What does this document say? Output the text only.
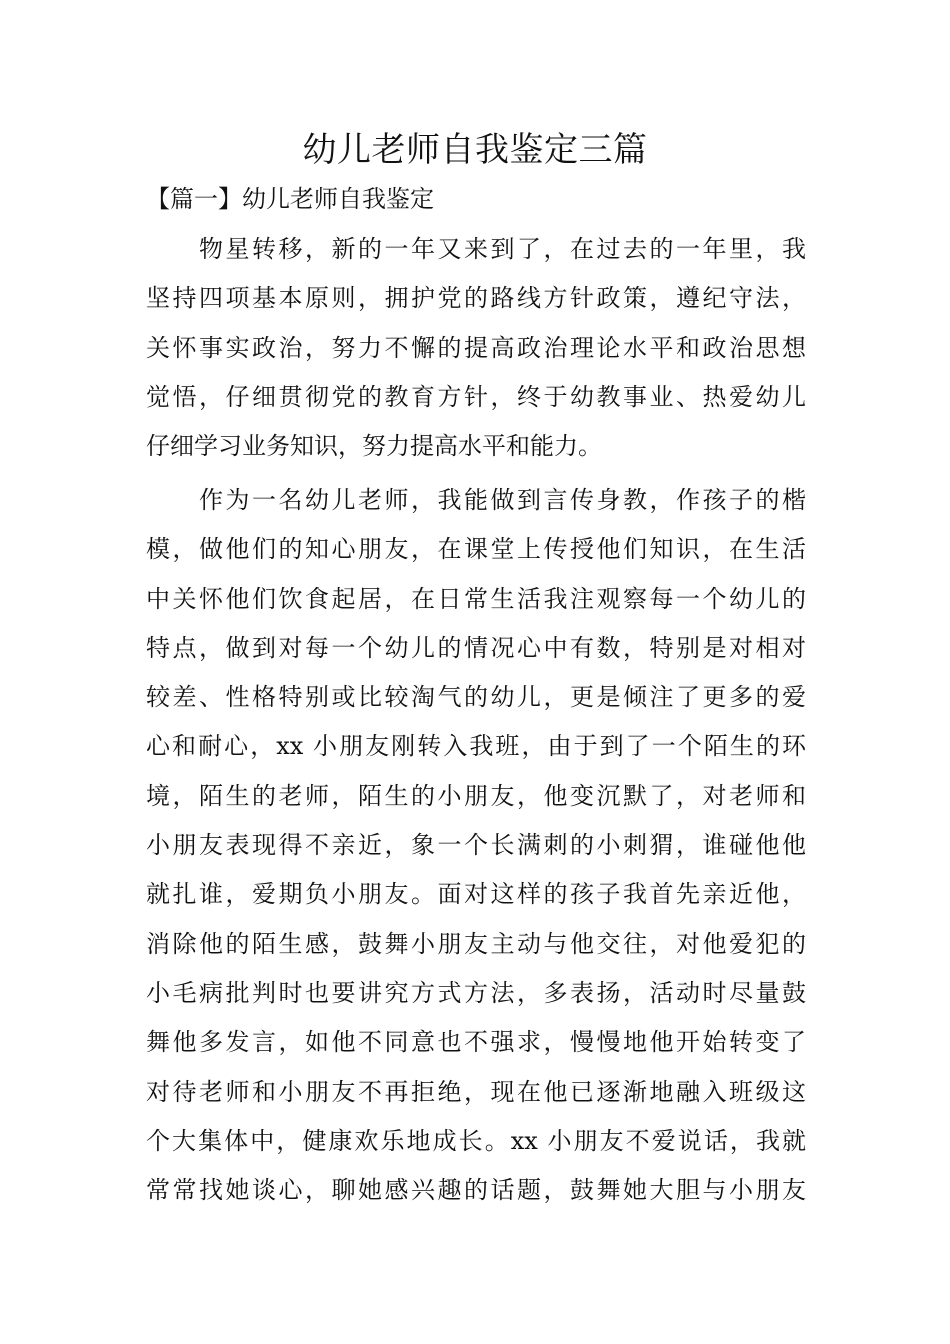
幼儿老师自我鉴定三篇
【篇一】幼儿老师自我鉴定
　　物星转移，新的一年又来到了，在过去的一年里，我
坚持四项基本原则，拥护党的路线方针政策，遵纪守法，
关怀事实政治，努力不懈的提高政治理论水平和政治思想
觉悟，仔细贯彻党的教育方针，终于幼教事业、热爱幼儿
仔细学习业务知识，努力提高水平和能力。
　　作为一名幼儿老师，我能做到言传身教，作孩子的楷
模，做他们的知心朋友，在课堂上传授他们知识，在生活
中关怀他们饮食起居，在日常生活我注观察每一个幼儿的
特点，做到对每一个幼儿的情况心中有数，特别是对相对
较差、性格特别或比较淘气的幼儿，更是倾注了更多的爱
心和耐心，xx 小朋友刚转入我班，由于到了一个陌生的环
境，陌生的老师，陌生的小朋友，他变沉默了，对老师和
小朋友表现得不亲近，象一个长满刺的小刺猬，谁碰他他
就扎谁，爱期负小朋友。面对这样的孩子我首先亲近他，
消除他的陌生感，鼓舞小朋友主动与他交往，对他爱犯的
小毛病批判时也要讲究方式方法，多表扬，活动时尽量鼓
舞他多发言，如他不同意也不强求，慢慢地他开始转变了
对待老师和小朋友不再拒绝，现在他已逐渐地融入班级这
个大集体中，健康欢乐地成长。xx 小朋友不爱说话，我就
常常找她谈心，聊她感兴趣的话题，鼓舞她大胆与小朋友
